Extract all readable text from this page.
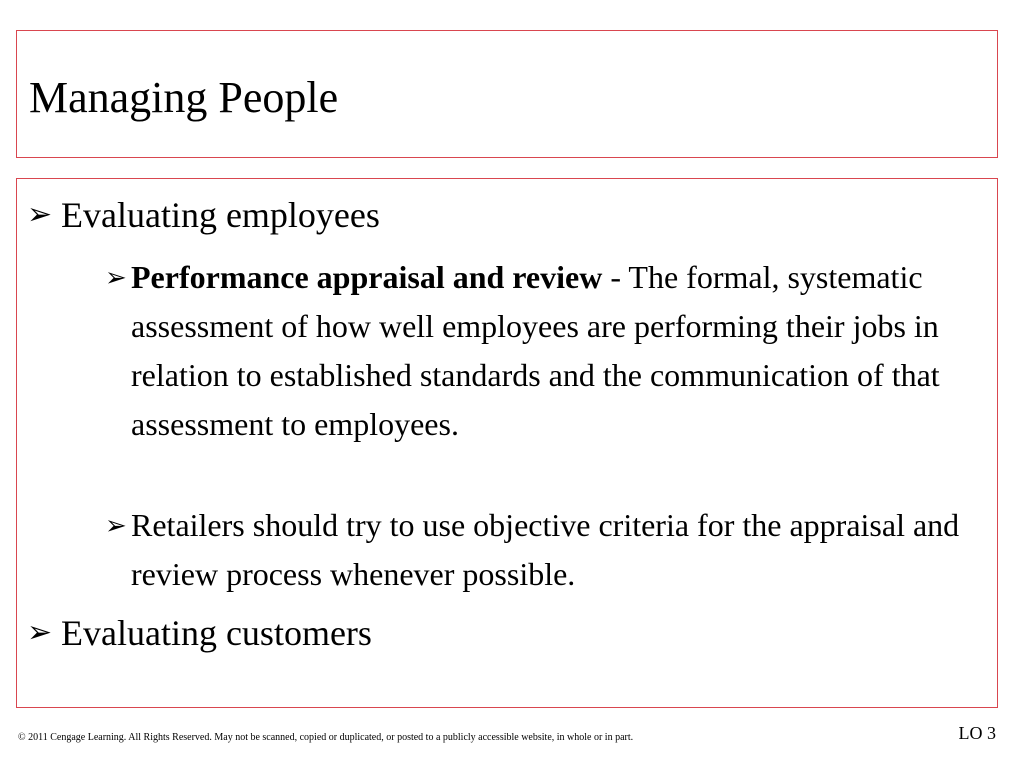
Managing People
➢ Evaluating employees
➢ Performance appraisal and review - The formal, systematic assessment of how well employees are performing their jobs in relation to established standards and the communication of that assessment to employees.
➢ Retailers should try to use objective criteria for the appraisal and review process whenever possible.
➢ Evaluating customers
© 2011 Cengage Learning. All Rights Reserved. May not be scanned, copied or duplicated, or posted to a publicly accessible website, in whole or in part.	LO 3
